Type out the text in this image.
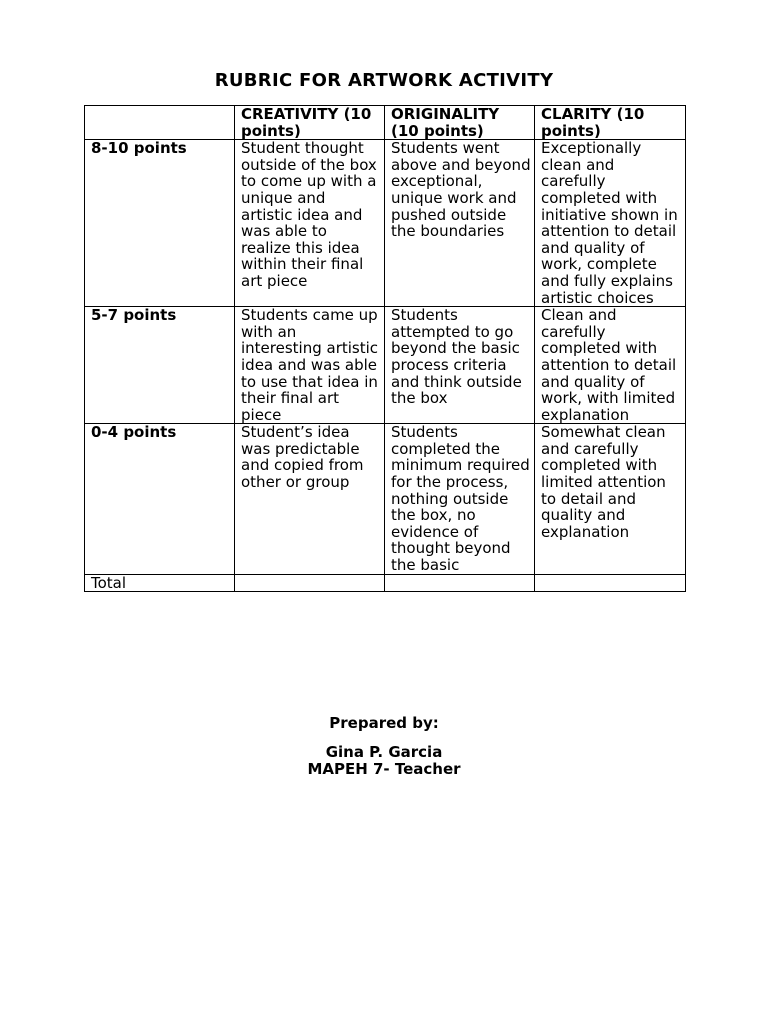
RUBRIC FOR ARTWORK ACTIVITY
	CREATIVITY (10 points)	ORIGINALITY (10 points)	CLARITY (10 points)
8-10 points	Student thought outside of the box to come up with a unique and artistic idea and was able to realize this idea within their final art piece	Students went above and beyond exceptional, unique work and pushed outside the boundaries	Exceptionally clean and carefully completed with initiative shown in attention to detail and quality of work, complete and fully explains artistic choices
5-7 points	Students came up with an interesting artistic idea and was able to use that idea in their final art piece	Students attempted to go beyond the basic process criteria and think outside the box	Clean and carefully completed with attention to detail and quality of work, with limited explanation
0-4 points	Student’s idea was predictable and copied from other or group	Students completed the minimum required for the process, nothing outside the box, no evidence of thought beyond the basic	Somewhat clean and carefully completed with limited attention to detail and quality and explanation
Total			
Prepared by:
Gina P. Garcia
MAPEH 7- Teacher
